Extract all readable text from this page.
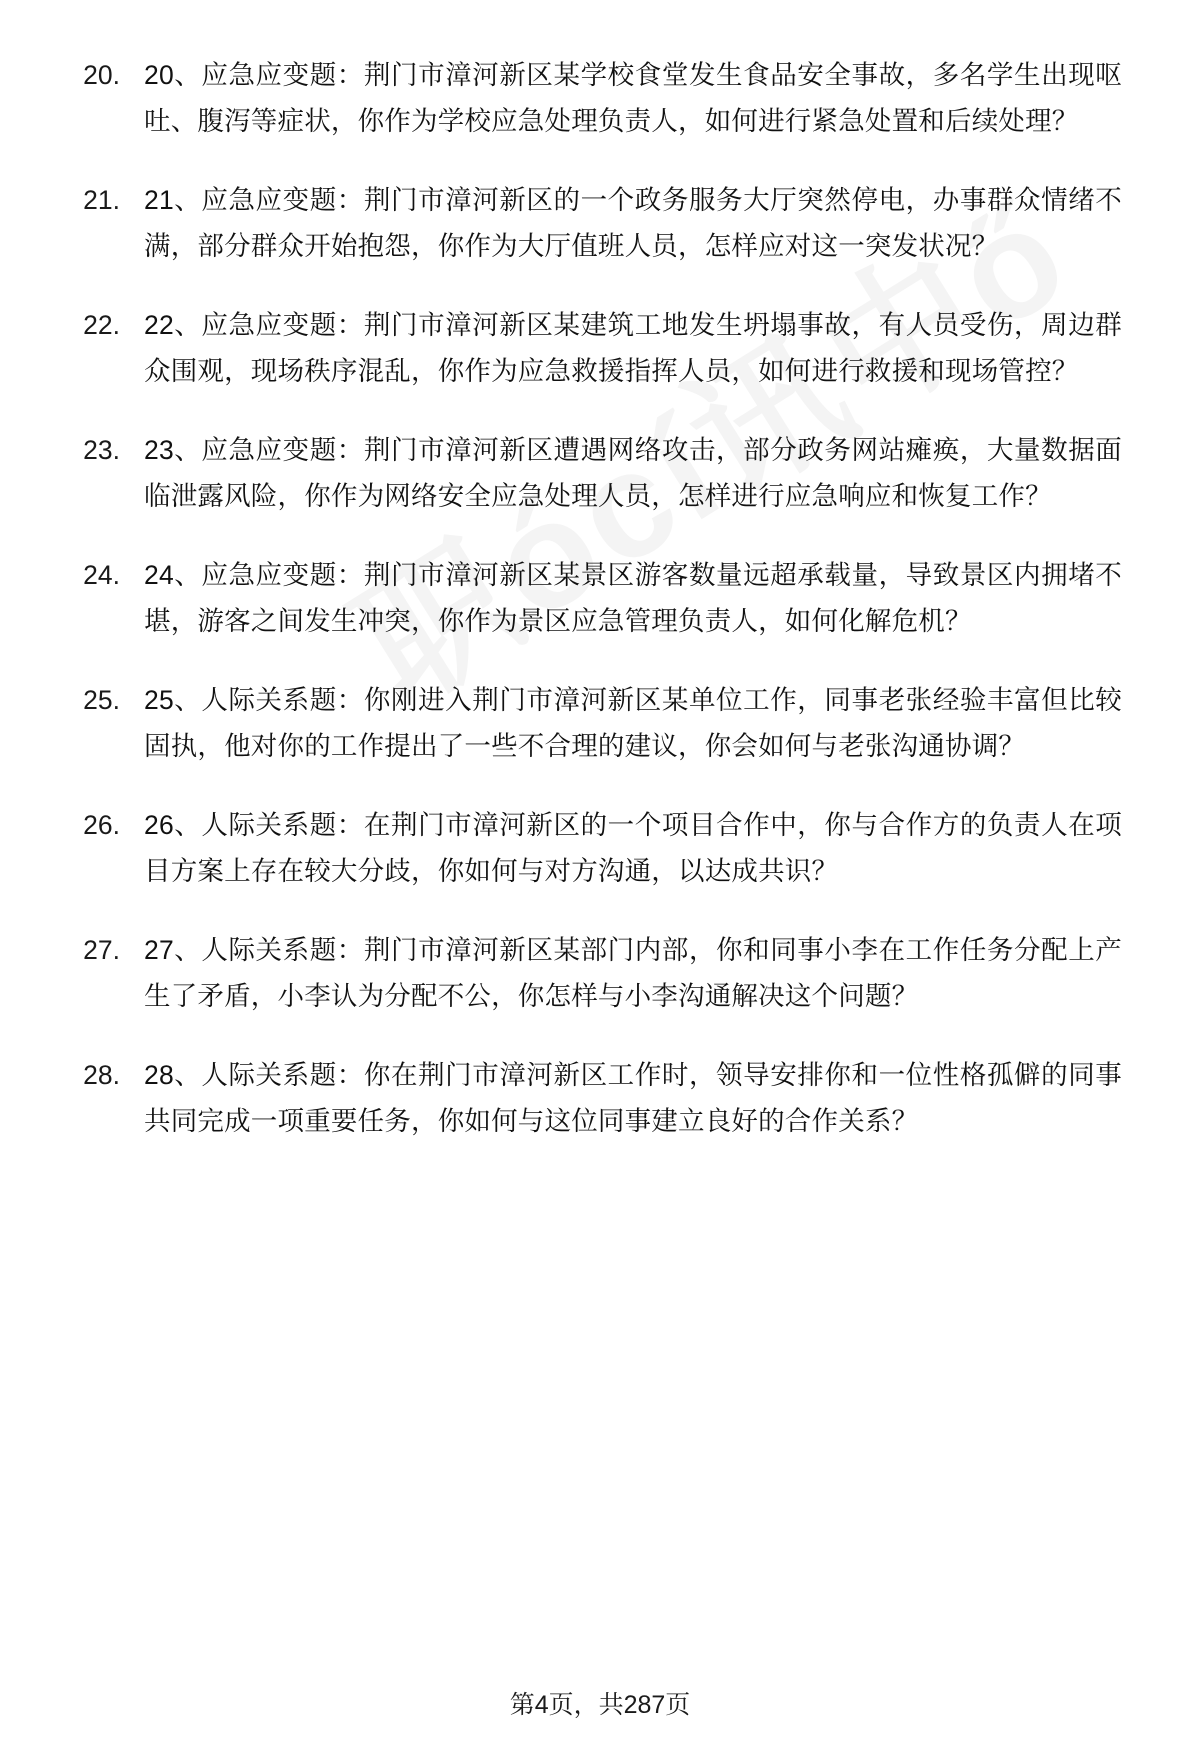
20. 20、应急应变题：荆门市漳河新区某学校食堂发生食品安全事故，多名学生出现呕吐、腹泻等症状，你作为学校应急处理负责人，如何进行紧急处置和后续处理？
21. 21、应急应变题：荆门市漳河新区的一个政务服务大厅突然停电，办事群众情绪不满，部分群众开始抱怨，你作为大厅值班人员，怎样应对这一突发状况？
22. 22、应急应变题：荆门市漳河新区某建筑工地发生坍塌事故，有人员受伤，周边群众围观，现场秩序混乱，你作为应急救援指挥人员，如何进行救援和现场管控？
23. 23、应急应变题：荆门市漳河新区遭遇网络攻击，部分政务网站瘫痪，大量数据面临泄露风险，你作为网络安全应急处理人员，怎样进行应急响应和恢复工作？
24. 24、应急应变题：荆门市漳河新区某景区游客数量远超承载量，导致景区内拥堵不堪，游客之间发生冲突，你作为景区应急管理负责人，如何化解危机？
25. 25、人际关系题：你刚进入荆门市漳河新区某单位工作，同事老张经验丰富但比较固执，他对你的工作提出了一些不合理的建议，你会如何与老张沟通协调？
26. 26、人际关系题：在荆门市漳河新区的一个项目合作中，你与合作方的负责人在项目方案上存在较大分歧，你如何与对方沟通，以达成共识？
27. 27、人际关系题：荆门市漳河新区某部门内部，你和同事小李在工作任务分配上产生了矛盾，小李认为分配不公，你怎样与小李沟通解决这个问题？
28. 28、人际关系题：你在荆门市漳河新区工作时，领导安排你和一位性格孤僻的同事共同完成一项重要任务，你如何与这位同事建立良好的合作关系？
第4页，共287页
